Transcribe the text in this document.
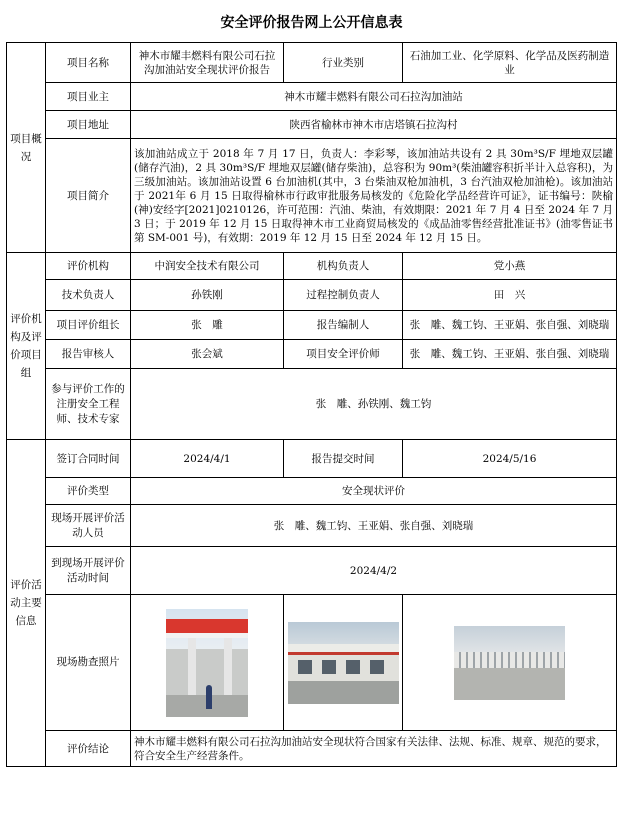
安全评价报告网上公开信息表
项目概况	项目名称	神木市耀丰燃料有限公司石拉沟加油站安全现状评价报告	行业类别	石油加工业、化学原料、化学品及医药制造业
	项目业主	神木市耀丰燃料有限公司石拉沟加油站		
	项目地址	陕西省榆林市神木市店塔镇石拉沟村		
	项目简介	该加油站成立于 2018 年 7 月 17 日，负责人：李彩琴，该加油站共设有 2 具 30m³S/F 埋地双层罐(储存汽油)，2 具 30m³S/F 埋地双层罐(储存柴油)，总容积为 90m³(柴油罐容积折半计入总容积)，为三级加油站。该加油站设置 6 台加油机(其中，3 台柴油双枪加油机，3 台汽油双枪加油枪)。该加油站于 2021年 6 月 15 日取得榆林市行政审批服务局核发的《危险化学品经营许可证》，证书编号：陕榆(神)安经字[2021]0210126，许可范围：汽油、柴油，有效期限：2021 年 7 月 4 日至 2024 年 7 月 3 日；于 2019 年 12 月 15 日取得神木市工业商贸局核发的《成品油零售经营批准证书》(油零售证书第 SM-001 号)，有效期：2019 年 12 月 15 日至 2024 年 12 月 15 日。		
评价机构及评价项目组	评价机构	中润安全技术有限公司	机构负责人	党小燕
	技术负责人	孙铁刚	过程控制负责人	田　兴
	项目评价组长	张　雕	报告编制人	张　雕、魏工钧、王亚娟、张自强、刘晓瑞
	报告审核人	张会斌	项目安全评价师	张　雕、魏工钧、王亚娟、张自强、刘晓瑞
	参与评价工作的注册安全工程师、技术专家	张　雕、孙铁刚、魏工钧		
评价活动主要信息	签订合同时间	2024/4/1	报告提交时间	2024/5/16
	评价类型	安全现状评价		
	现场开展评价活动人员	张　雕、魏工钧、王亚娟、张自强、刘晓瑞		
	到现场开展评价活动时间	2024/4/2		
	现场勘查照片	

	评价结论	神木市耀丰燃料有限公司石拉沟加油站安全现状符合国家有关法律、法规、标准、规章、规范的要求，符合安全生产经营条件。		
